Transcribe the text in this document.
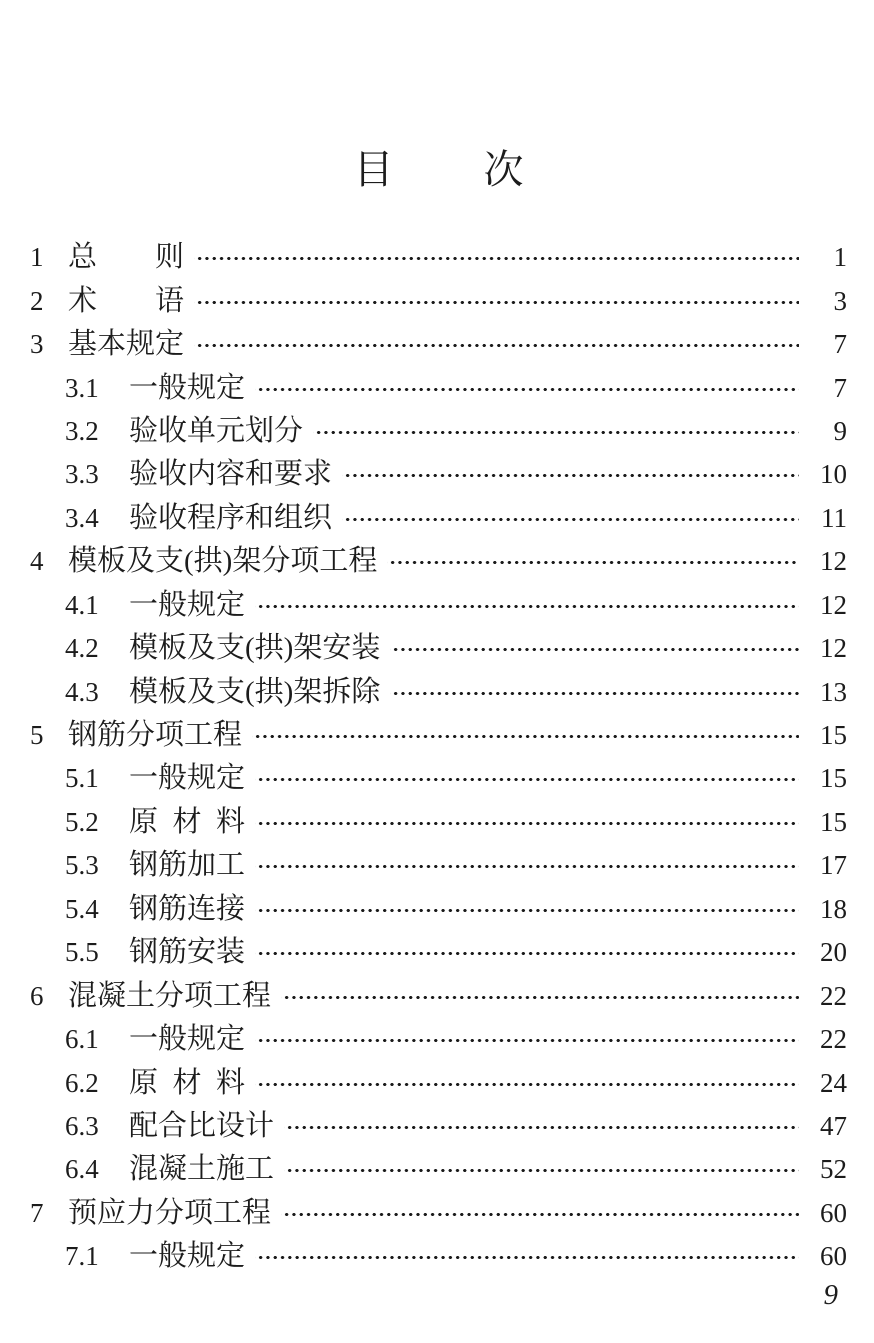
目         次
1 总        则	1
2 术        语	3
3 基本规定	7
3.1	一般规定	7
3.2	验收单元划分	9
3.3	验收内容和要求	10
3.4	验收程序和组织	11
4 模板及支(拱)架分项工程	12
4.1	一般规定	12
4.2	模板及支(拱)架安装	12
4.3	模板及支(拱)架拆除	13
5 钢筋分项工程	15
5.1	一般规定	15
5.2	原  材  料	15
5.3	钢筋加工	17
5.4	钢筋连接	18
5.5	钢筋安装	20
6 混凝土分项工程	22
6.1	一般规定	22
6.2	原  材  料	24
6.3	配合比设计	47
6.4	混凝土施工	52
7 预应力分项工程	60
7.1	一般规定	60
9
